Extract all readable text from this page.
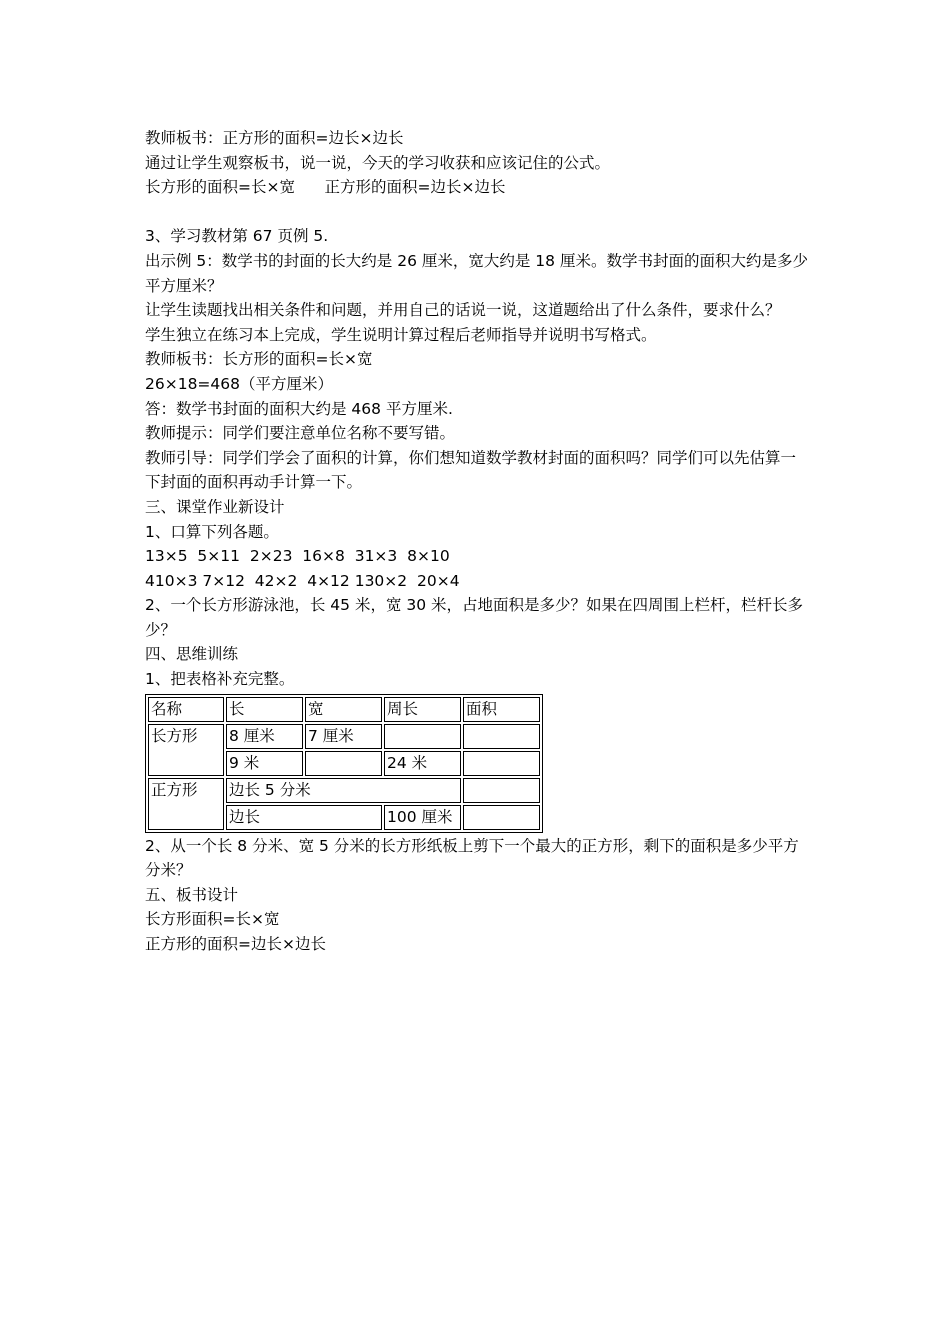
教师板书：正方形的面积=边长×边长
通过让学生观察板书，说一说，今天的学习收获和应该记住的公式。
长方形的面积=长×宽 正方形的面积=边长×边长
3、学习教材第 67 页例 5.
出示例 5：数学书的封面的长大约是 26 厘米，宽大约是 18 厘米。数学书封面的面积大约是多少平方厘米？
让学生读题找出相关条件和问题，并用自己的话说一说，这道题给出了什么条件，要求什么？
学生独立在练习本上完成，学生说明计算过程后老师指导并说明书写格式。
教师板书：长方形的面积=长×宽
26×18=468（平方厘米）
答：数学书封面的面积大约是 468 平方厘米.
教师提示：同学们要注意单位名称不要写错。
教师引导：同学们学会了面积的计算，你们想知道数学教材封面的面积吗？同学们可以先估算一下封面的面积再动手计算一下。
三、课堂作业新设计
1、口算下列各题。
13×5  5×11  2×23  16×8  31×3  8×10
410×3 7×12  42×2  4×12 130×2  20×4
2、一个长方形游泳池，长 45 米，宽 30 米，占地面积是多少？如果在四周围上栏杆，栏杆长多少？
四、思维训练
1、把表格补充完整。
名称	长	宽	周长	面积
长方形	8 厘米	7 厘米		
	9 米		24 米	
正方形	边长 5 分米			
	边长		100 厘米	
2、从一个长 8 分米、宽 5 分米的长方形纸板上剪下一个最大的正方形，剩下的面积是多少平方分米？
五、板书设计
长方形面积=长×宽
正方形的面积=边长×边长
